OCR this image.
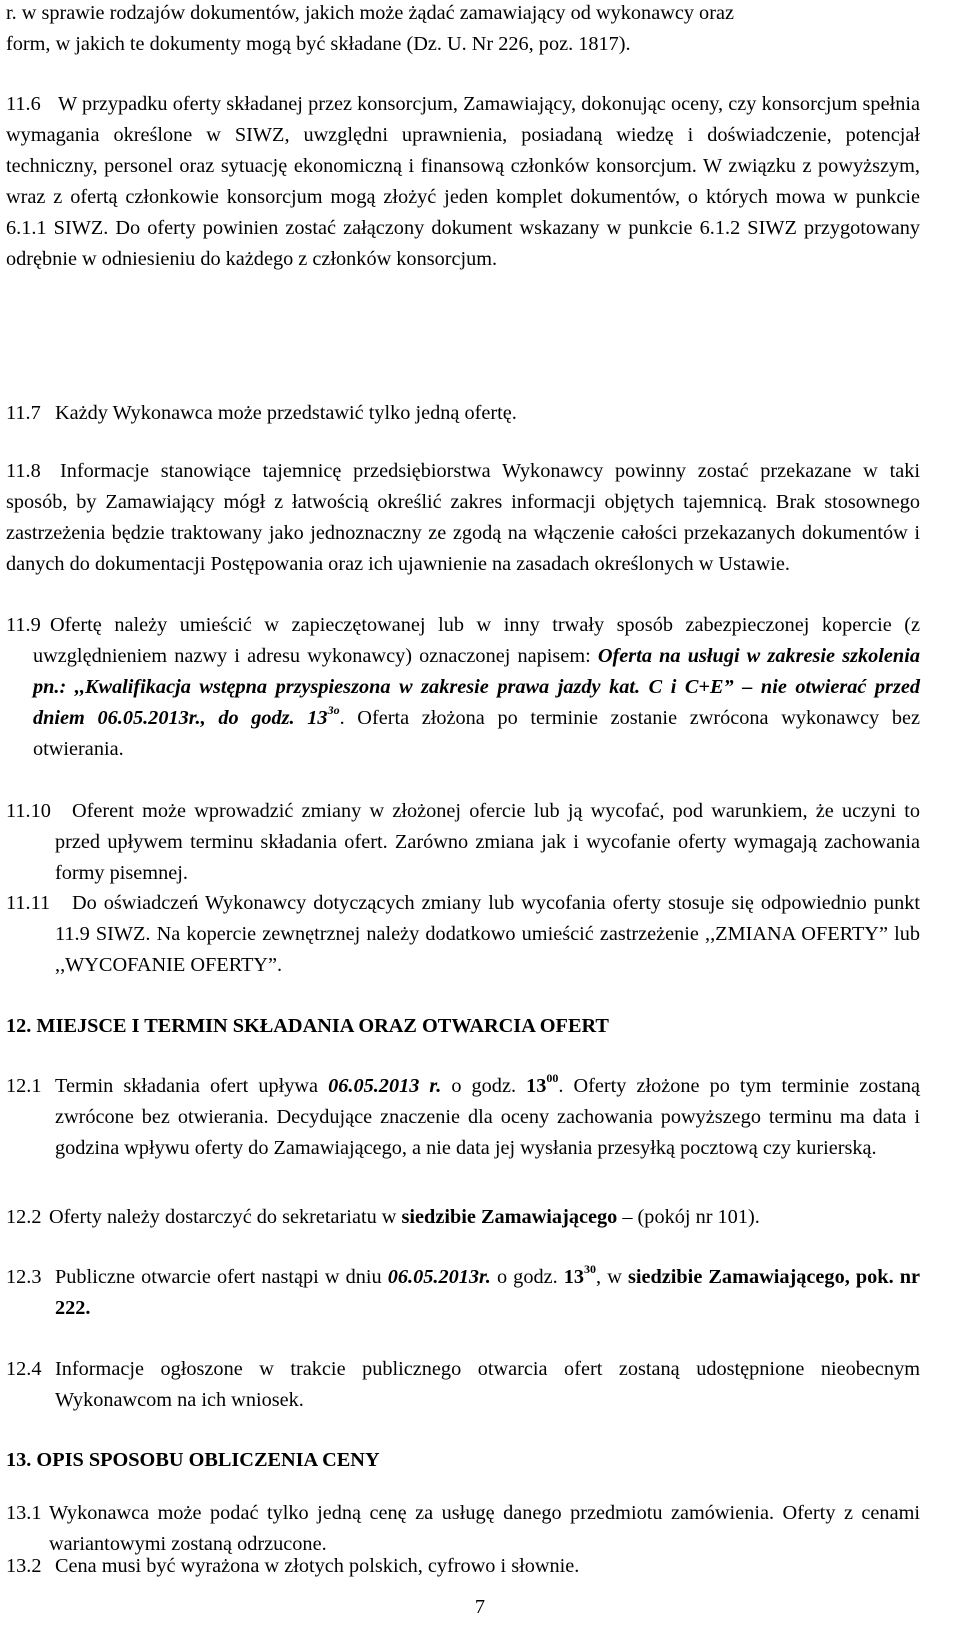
r. w sprawie rodzajów dokumentów, jakich może żądać zamawiający od wykonawcy oraz

form, w jakich te dokumenty mogą być składane (Dz. U. Nr 226, poz. 1817).

11.6 W przypadku oferty składanej przez konsorcjum, Zamawiający, dokonując oceny, czy konsorcjum spełnia wymagania określone w SIWZ, uwzględni uprawnienia, posiadaną wiedzę i doświadczenie, potencjał techniczny, personel oraz sytuację ekonomiczną i finansową członków konsorcjum. W związku z powyższym, wraz z ofertą członkowie konsorcjum mogą złożyć jeden komplet dokumentów, o których mowa w punkcie 6.1.1 SIWZ. Do oferty powinien zostać załączony dokument wskazany w punkcie 6.1.2 SIWZ przygotowany odrębnie w odniesieniu do każdego z członków konsorcjum.

11.7 Każdy Wykonawca może przedstawić tylko jedną ofertę.

11.8 Informacje stanowiące tajemnicę przedsiębiorstwa Wykonawcy powinny zostać przekazane w taki sposób, by Zamawiający mógł z łatwością określić zakres informacji objętych tajemnicą. Brak stosownego zastrzeżenia będzie traktowany jako jednoznaczny ze zgodą na włączenie całości przekazanych dokumentów i danych do dokumentacji Postępowania oraz ich ujawnienie na zasadach określonych w Ustawie.

11.9 Ofertę należy umieścić w zapieczętowanej lub w inny trwały sposób zabezpieczonej kopercie (z uwzględnieniem nazwy i adresu wykonawcy) oznaczonej napisem: Oferta na usługi w zakresie szkolenia pn.: ,,Kwalifikacja wstępna przyspieszona w zakresie prawa jazdy kat. C i C+E” – nie otwierać przed dniem 06.05.2013r., do godz. $13^{3o}$. Oferta złożona po terminie zostanie zwrócona wykonawcy bez otwierania.

11.10	Oferent może wprowadzić zmiany w złożonej ofercie lub ją wycofać, pod warunkiem, że uczyni to przed upływem terminu składania ofert. Zarówno zmiana jak i wycofanie oferty wymagają zachowania formy pisemnej.

11.11	Do oświadczeń Wykonawcy dotyczących zmiany lub wycofania oferty stosuje się odpowiednio punkt 11.9 SIWZ. Na kopercie zewnętrznej należy dodatkowo umieścić zastrzeżenie ,,ZMIANA OFERTY” lub ,,WYCOFANIE OFERTY”.

12. MIEJSCE I TERMIN SKŁADANIA ORAZ OTWARCIA OFERT

12.1 Termin składania ofert upływa 06.05.2013 r. o godz. $13^{00}$. Oferty złożone po tym terminie zostaną zwrócone bez otwierania. Decydujące znaczenie dla oceny zachowania powyższego terminu ma data i godzina wpływu oferty do Zamawiającego, a nie data jej wysłania przesyłką pocztową czy kurierską.

12.2 Oferty należy dostarczyć do sekretariatu w siedzibie Zamawiającego – (pokój nr 101).

12.3 Publiczne otwarcie ofert nastąpi w dniu 06.05.2013r. o godz. $13^{30}$, w siedzibie Zamawiającego, pok. nr 222.

12.4 Informacje ogłoszone w trakcie publicznego otwarcia ofert zostaną udostępnione nieobecnym Wykonawcom na ich wniosek.

13. OPIS SPOSOBU OBLICZENIA CENY

13.1 Wykonawca może podać tylko jedną cenę za usługę danego przedmiotu zamówienia. Oferty z cenami wariantowymi zostaną odrzucone.

13.2 Cena musi być wyrażona w złotych polskich, cyfrowo i słownie.

7
